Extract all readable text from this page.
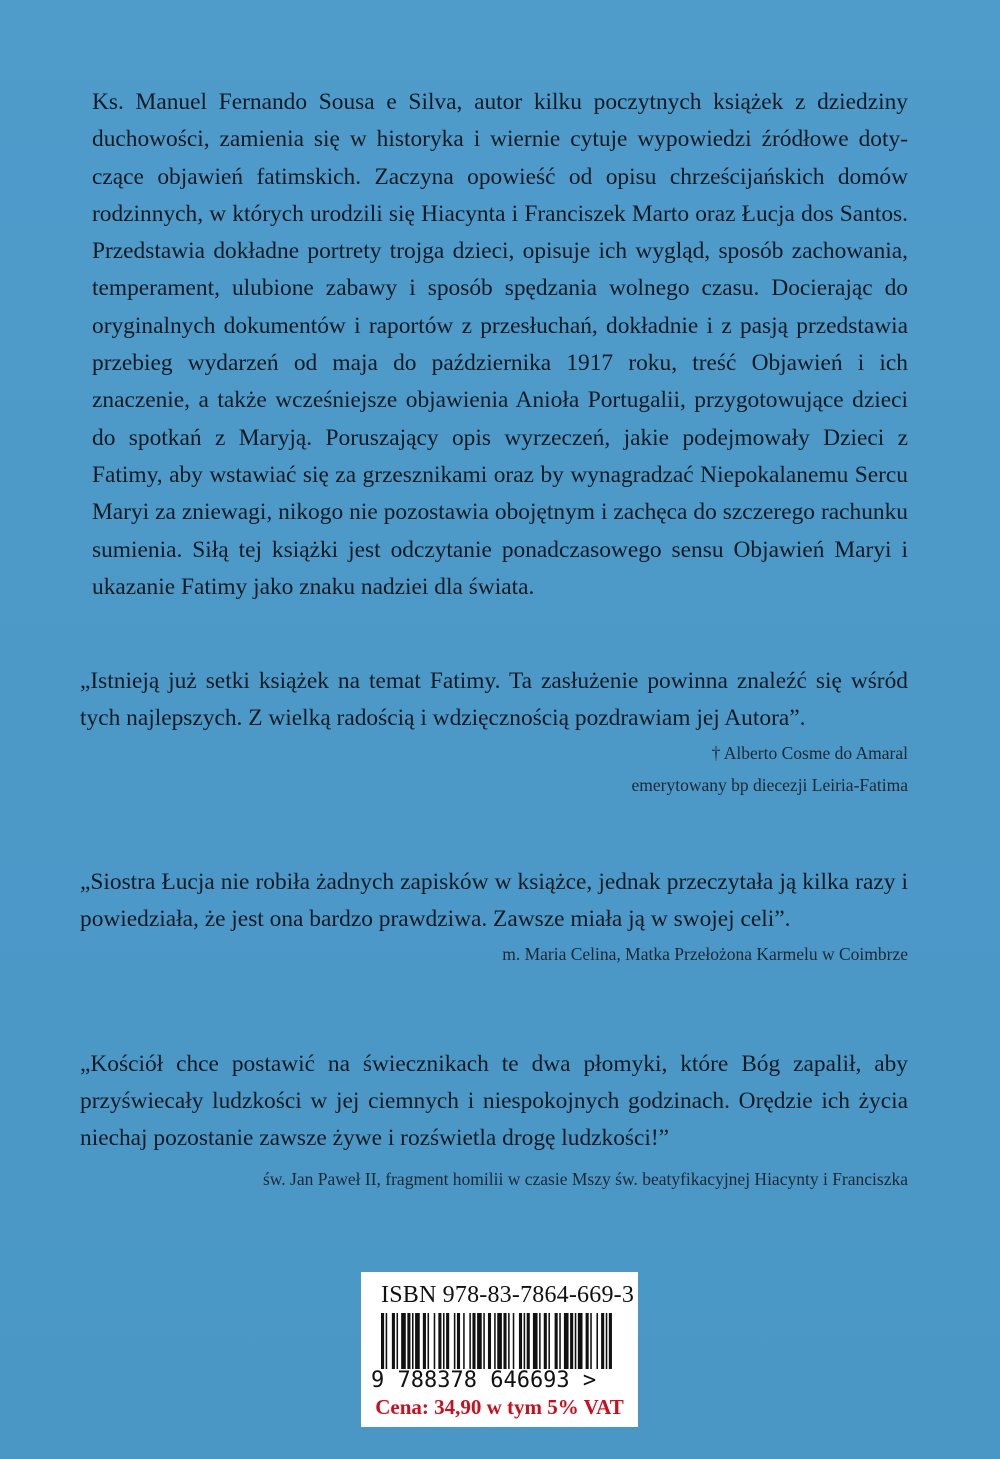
Ks. Manuel Fernando Sousa e Silva, autor kilku poczytnych książek z dziedziny duchowości, zamienia się w historyka i wiernie cytuje wypowiedzi źródłowe dotyczące objawień fatimskich. Zaczyna opowieść od opisu chrześcijańskich domów rodzinnych, w których urodzili się Hiacynta i Franciszek Marto oraz Łucja dos Santos. Przedstawia dokładne portrety trojga dzieci, opisuje ich wygląd, sposób zachowania, temperament, ulubione zabawy i sposób spędzania wolnego czasu. Docierając do oryginalnych dokumentów i raportów z przesłuchań, dokładnie i z pasją przedstawia przebieg wydarzeń od maja do października 1917 roku, treść Objawień i ich znaczenie, a także wcześniejsze objawienia Anioła Portugalii, przygotowujące dzieci do spotkań z Maryją. Poruszający opis wyrzeczeń, jakie podejmowały Dzieci z Fatimy, aby wstawiać się za grzesznikami oraz by wynagradzać Niepokalanemu Sercu Maryi za zniewagi, nikogo nie pozostawia obojętnym i zachęca do szczerego rachunku sumienia. Siłą tej książki jest odczytanie ponadczasowego sensu Objawień Maryi i ukazanie Fatimy jako znaku nadziei dla świata.

„Istnieją już setki książek na temat Fatimy. Ta zasłużenie powinna znaleźć się wśród tych najlepszych. Z wielką radością i wdzięcznością pozdrawiam jej Autora”.

† Alberto Cosme do Amaral

emerytowany bp diecezji Leiria-Fatima

„Siostra Łucja nie robiła żadnych zapisków w książce, jednak przeczytała ją kilka razy i powiedziała, że jest ona bardzo prawdziwa. Zawsze miała ją w swojej celi”.

m. Maria Celina, Matka Przełożona Karmelu w Coimbrze

„Kościół chce postawić na świecznikach te dwa płomyki, które Bóg zapalił, aby przyświecały ludzkości w jej ciemnych i niespokojnych godzinach. Orędzie ich życia niechaj pozostanie zawsze żywe i rozświetla drogę ludzkości!”

św. Jan Paweł II, fragment homilii w czasie Mszy św. beatyfikacyjnej Hiacynty i Franciszka

ISBN 978-83-7864-669-3
9 788378 646693 >
Cena: 34,90 w tym 5% VAT
